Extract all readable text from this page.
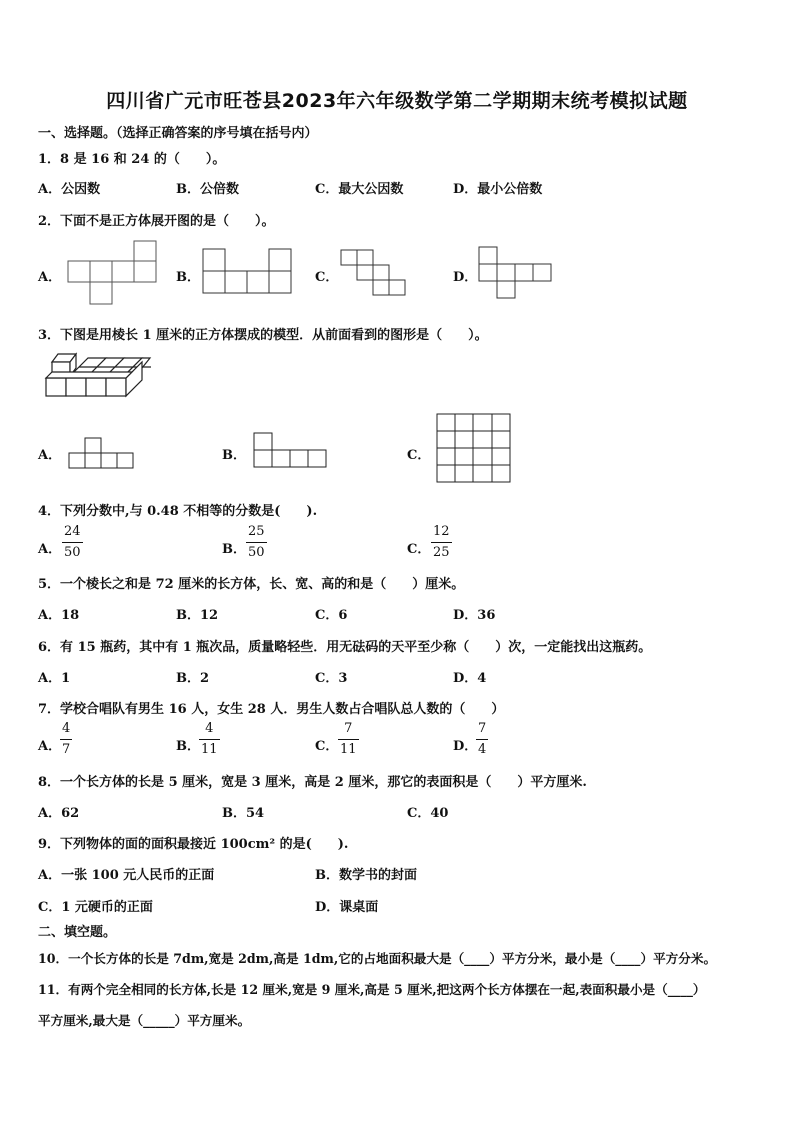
四川省广元市旺苍县2023年六年级数学第二学期期末统考模拟试题
一、选择题。（选择正确答案的序号填在括号内）
1．8 是 16 和 24 的（　　）。
A．公因数	B．公倍数	C．最大公因数	D．最小公倍数
2．下面不是正方体展开图的是（　　）。
A．	B．	C．	D．
3．下图是用棱长 1 厘米的正方体摆成的模型．从前面看到的图形是（　　）。
A．	B．	C．
4．下列分数中,与 0.48 不相等的分数是(　　).
A．
24
50	B．
25
50	C．
12
25
5．一个棱长之和是 72 厘米的长方体，长、宽、高的和是（　　）厘米。
A．18	B．12	C．6	D．36
6．有 15 瓶药，其中有 1 瓶次品，质量略轻些．用无砝码的天平至少称（　　）次，一定能找出这瓶药。
A．1	B．2	C．3	D．4
7．学校合唱队有男生 16 人，女生 28 人．男生人数占合唱队总人数的（　　）
A．
4
7	B．
4
11	C．
7
11	D．
7
4
8．一个长方体的长是 5 厘米，宽是 3 厘米，高是 2 厘米，那它的表面积是（　　）平方厘米.
A．62	B．54	C．40
9．下列物体的面的面积最接近 100cm² 的是(　　).
A．一张 100 元人民币的正面	B．数学书的封面
C．1 元硬币的正面	D．课桌面
二、填空题。
10．一个长方体的长是 7dm,宽是 2dm,高是 1dm,它的占地面积最大是（____）平方分米，最小是（____）平方分米。
11．有两个完全相同的长方体,长是 12 厘米,宽是 9 厘米,高是 5 厘米,把这两个长方体摆在一起,表面积最小是（____）
平方厘米,最大是（_____）平方厘米。
